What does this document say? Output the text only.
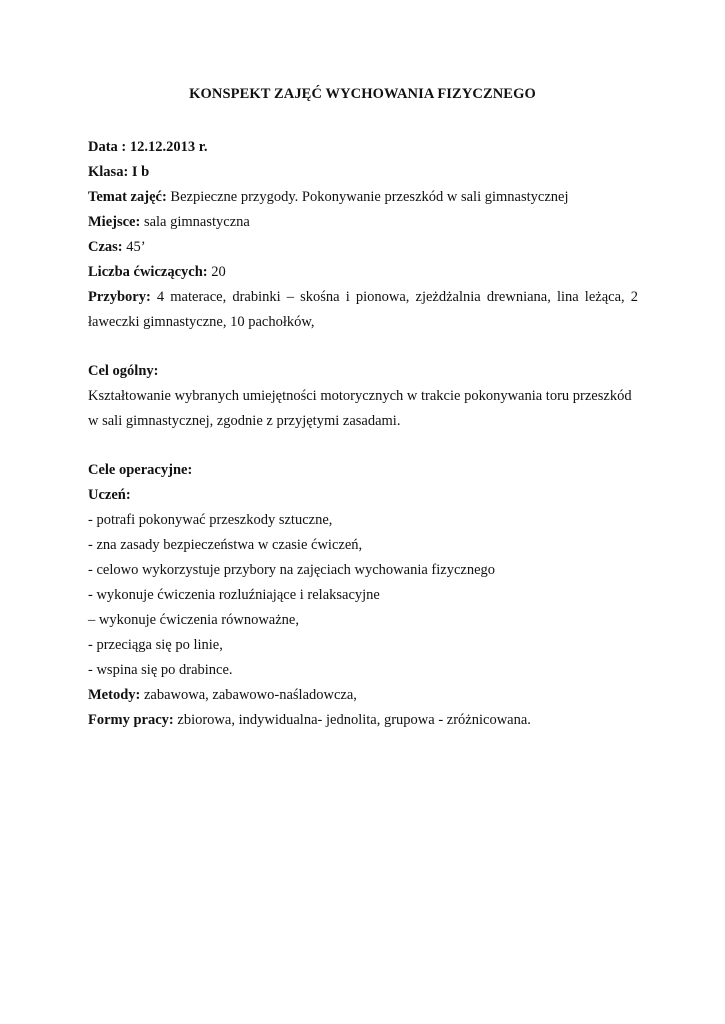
KONSPEKT ZAJĘĆ WYCHOWANIA FIZYCZNEGO
Data : 12.12.2013 r.
Klasa: I b
Temat zajęć: Bezpieczne przygody. Pokonywanie przeszkód w sali gimnastycznej
Miejsce: sala gimnastyczna
Czas: 45’
Liczba ćwiczących: 20
Przybory: 4 materace, drabinki – skośna i pionowa, zjeżdżalnia drewniana, lina leżąca, 2
ławeczki gimnastyczne, 10 pachołków,
Cel ogólny:
Kształtowanie wybranych umiejętności motorycznych w trakcie pokonywania toru przeszkód
w sali gimnastycznej, zgodnie z przyjętymi zasadami.
Cele operacyjne:
Uczeń:
- potrafi pokonywać przeszkody sztuczne,
- zna zasady bezpieczeństwa w czasie ćwiczeń,
- celowo wykorzystuje przybory na zajęciach wychowania fizycznego
- wykonuje ćwiczenia rozluźniające i relaksacyjne
– wykonuje ćwiczenia równoważne,
- przeciąga się po linie,
- wspina się po drabince.
Metody: zabawowa, zabawowo-naśladowcza,
Formy pracy: zbiorowa, indywidualna- jednolita, grupowa - zróżnicowana.
